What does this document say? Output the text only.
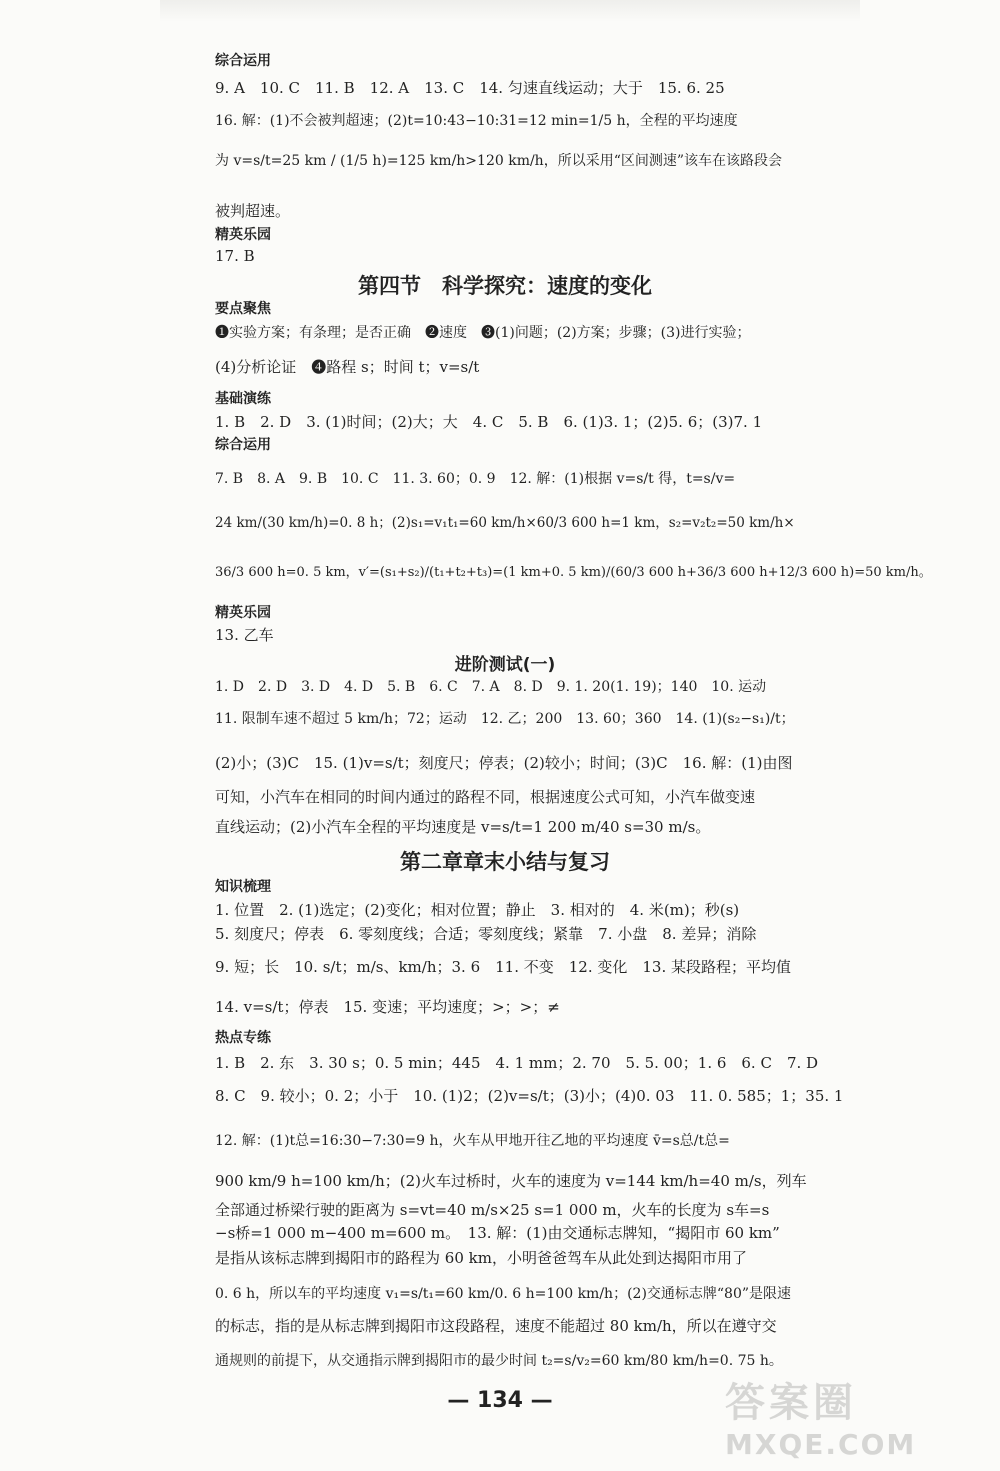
综合运用
9. A　10. C　11. B　12. A　13. C　14. 匀速直线运动；大于　15. 6. 25
16. 解：(1)不会被判超速；(2)t=10:43−10:31=12 min=1/5 h，全程的平均速度
为 v=s/t=25 km / (1/5 h)=125 km/h>120 km/h，所以采用“区间测速”该车在该路段会
被判超速。
精英乐园
17. B
第四节　科学探究：速度的变化
要点聚焦
❶实验方案；有条理；是否正确　❷速度　❸(1)问题；(2)方案；步骤；(3)进行实验；
(4)分析论证　❹路程 s；时间 t；v=s/t
基础演练
1. B　2. D　3. (1)时间；(2)大；大　4. C　5. B　6. (1)3. 1；(2)5. 6；(3)7. 1
综合运用
7. B　8. A　9. B　10. C　11. 3. 60；0. 9　12. 解：(1)根据 v=s/t 得，t=s/v=
24 km/(30 km/h)=0. 8 h；(2)s₁=v₁t₁=60 km/h×60/3 600 h=1 km，s₂=v₂t₂=50 km/h×
36/3 600 h=0. 5 km，v′=(s₁+s₂)/(t₁+t₂+t₃)=(1 km+0. 5 km)/(60/3 600 h+36/3 600 h+12/3 600 h)=50 km/h。
精英乐园
13. 乙车
进阶测试(一)
1. D　2. D　3. D　4. D　5. B　6. C　7. A　8. D　9. 1. 20(1. 19)；140　10. 运动
11. 限制车速不超过 5 km/h；72；运动　12. 乙；200　13. 60；360　14. (1)(s₂−s₁)/t；
(2)小；(3)C　15. (1)v=s/t；刻度尺；停表；(2)较小；时间；(3)C　16. 解：(1)由图
可知，小汽车在相同的时间内通过的路程不同，根据速度公式可知，小汽车做变速
直线运动；(2)小汽车全程的平均速度是 v=s/t=1 200 m/40 s=30 m/s。
第二章章末小结与复习
知识梳理
1. 位置　2. (1)选定；(2)变化；相对位置；静止　3. 相对的　4. 米(m)；秒(s)
5. 刻度尺；停表　6. 零刻度线；合适；零刻度线；紧靠　7. 小盘　8. 差异；消除
9. 短；长　10. s/t；m/s、km/h；3. 6　11. 不变　12. 变化　13. 某段路程；平均值
14. v=s/t；停表　15. 变速；平均速度；>；>；≠
热点专练
1. B　2. 东　3. 30 s；0. 5 min；445　4. 1 mm；2. 70　5. 5. 00；1. 6　6. C　7. D
8. C　9. 较小；0. 2；小于　10. (1)2；(2)v=s/t；(3)小；(4)0. 03　11. 0. 585；1；35. 1
12. 解：(1)t总=16:30−7:30=9 h，火车从甲地开往乙地的平均速度 v̄=s总/t总=
900 km/9 h=100 km/h；(2)火车过桥时，火车的速度为 v=144 km/h=40 m/s，列车
全部通过桥梁行驶的距离为 s=vt=40 m/s×25 s=1 000 m，火车的长度为 s车=s
−s桥=1 000 m−400 m=600 m。　13. 解：(1)由交通标志牌知，“揭阳市 60 km”
是指从该标志牌到揭阳市的路程为 60 km，小明爸爸驾车从此处到达揭阳市用了
0. 6 h，所以车的平均速度 v₁=s/t₁=60 km/0. 6 h=100 km/h；(2)交通标志牌“80”是限速
的标志，指的是从标志牌到揭阳市这段路程，速度不能超过 80 km/h，所以在遵守交
通规则的前提下，从交通指示牌到揭阳市的最少时间 t₂=s/v₂=60 km/80 km/h=0. 75 h。
— 134 —	答案圈
MXQE.COM
